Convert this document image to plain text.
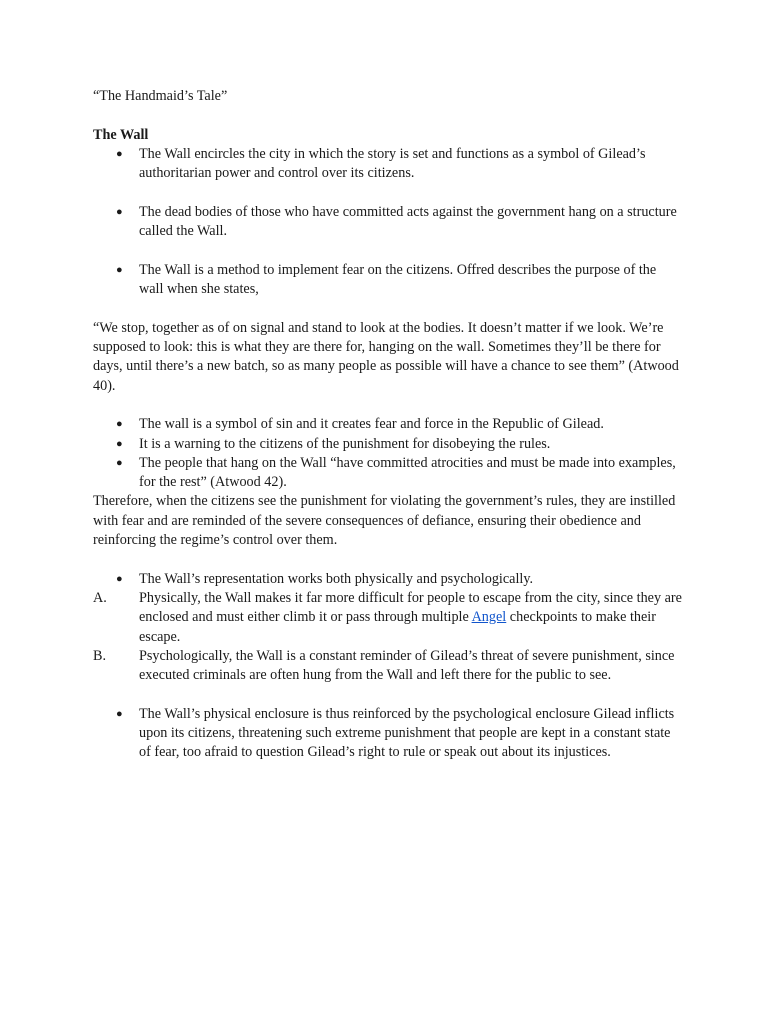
“The Handmaid’s Tale”

The Wall

● The Wall encircles the city in which the story is set and functions as a symbol of Gilead’s authoritarian power and control over its citizens.
● The dead bodies of those who have committed acts against the government hang on a structure called the Wall.
● The Wall is a method to implement fear on the citizens. Offred describes the purpose of the wall when she states,

“We stop, together as of on signal and stand to look at the bodies. It doesn’t matter if we look. We’re supposed to look: this is what they are there for, hanging on the wall. Sometimes they’ll be there for days, until there’s a new batch, so as many people as possible will have a chance to see them” (Atwood 40).

● The wall is a symbol of sin and it creates fear and force in the Republic of Gilead.
● It is a warning to the citizens of the punishment for disobeying the rules.
● The people that hang on the Wall “have committed atrocities and must be made into examples, for the rest” (Atwood 42).

Therefore, when the citizens see the punishment for violating the government’s rules, they are instilled with fear and are reminded of the severe consequences of defiance, ensuring their obedience and reinforcing the regime’s control over them.

● The Wall’s representation works both physically and psychologically.
A. Physically, the Wall makes it far more difficult for people to escape from the city, since they are enclosed and must either climb it or pass through multiple Angel checkpoints to make their escape.
B. Psychologically, the Wall is a constant reminder of Gilead’s threat of severe punishment, since executed criminals are often hung from the Wall and left there for the public to see.
● The Wall’s physical enclosure is thus reinforced by the psychological enclosure Gilead inflicts upon its citizens, threatening such extreme punishment that people are kept in a constant state of fear, too afraid to question Gilead’s right to rule or speak out about its injustices.
